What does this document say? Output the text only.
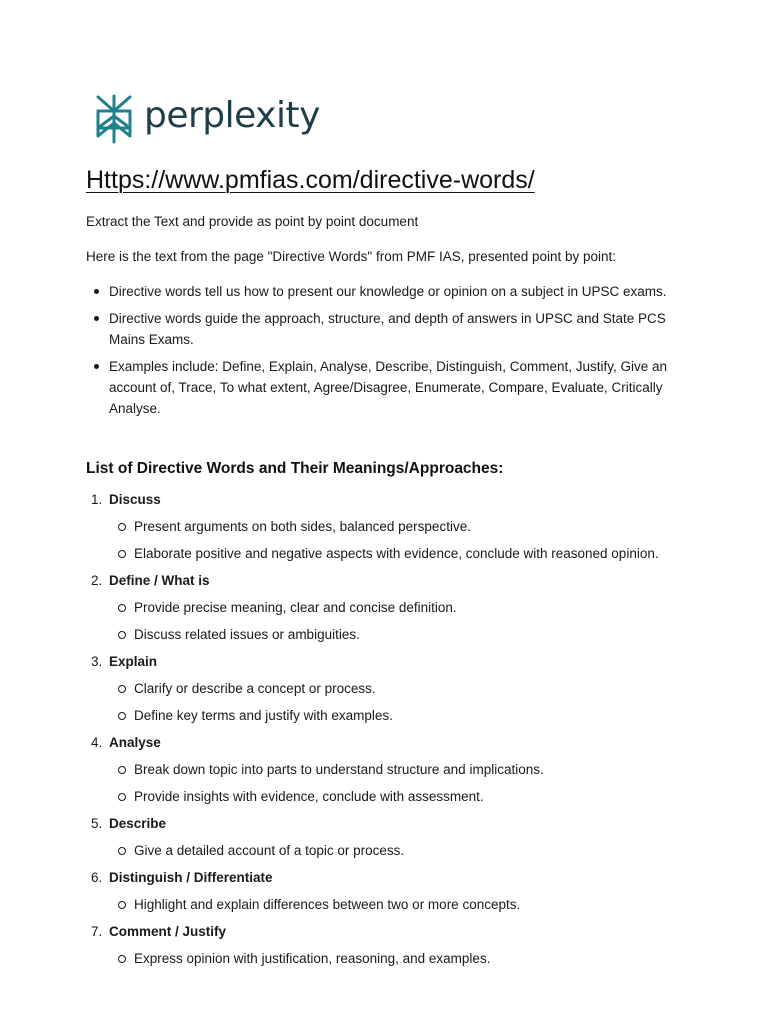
perplexity
Https://www.pmfias.com/directive-words/
Extract the Text and provide as point by point document
Here is the text from the page "Directive Words" from PMF IAS, presented point by point:
Directive words tell us how to present our knowledge or opinion on a subject in UPSC exams.
Directive words guide the approach, structure, and depth of answers in UPSC and State PCS Mains Exams.
Examples include: Define, Explain, Analyse, Describe, Distinguish, Comment, Justify, Give an account of, Trace, To what extent, Agree/Disagree, Enumerate, Compare, Evaluate, Critically Analyse.
List of Directive Words and Their Meanings/Approaches:
1. Discuss
Present arguments on both sides, balanced perspective.
Elaborate positive and negative aspects with evidence, conclude with reasoned opinion.
2. Define / What is
Provide precise meaning, clear and concise definition.
Discuss related issues or ambiguities.
3. Explain
Clarify or describe a concept or process.
Define key terms and justify with examples.
4. Analyse
Break down topic into parts to understand structure and implications.
Provide insights with evidence, conclude with assessment.
5. Describe
Give a detailed account of a topic or process.
6. Distinguish / Differentiate
Highlight and explain differences between two or more concepts.
7. Comment / Justify
Express opinion with justification, reasoning, and examples.
